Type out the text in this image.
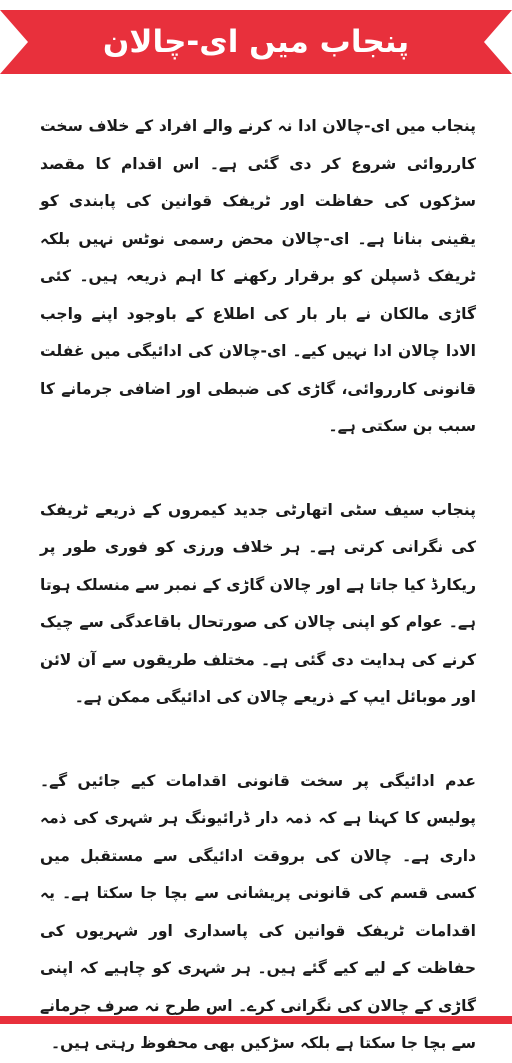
پنجاب میں ای-چالان

پنجاب میں ای-چالان ادا نہ کرنے والے افراد کے خلاف سخت کارروائی شروع کر دی گئی ہے۔ اس اقدام کا مقصد سڑکوں کی حفاظت اور ٹریفک قوانین کی پابندی کو یقینی بنانا ہے۔ ای-چالان محض رسمی نوٹس نہیں بلکہ ٹریفک ڈسپلن کو برقرار رکھنے کا اہم ذریعہ ہیں۔ کئی گاڑی مالکان نے بار بار کی اطلاع کے باوجود اپنے واجب الادا چالان ادا نہیں کیے۔ ای-چالان کی ادائیگی میں غفلت قانونی کارروائی، گاڑی کی ضبطی اور اضافی جرمانے کا سبب بن سکتی ہے۔

پنجاب سیف سٹی اتھارٹی جدید کیمروں کے ذریعے ٹریفک کی نگرانی کرتی ہے۔ ہر خلاف ورزی کو فوری طور پر ریکارڈ کیا جاتا ہے اور چالان گاڑی کے نمبر سے منسلک ہوتا ہے۔ عوام کو اپنی چالان کی صورتحال باقاعدگی سے چیک کرنے کی ہدایت دی گئی ہے۔ مختلف طریقوں سے آن لائن اور موبائل ایپ کے ذریعے چالان کی ادائیگی ممکن ہے۔

عدم ادائیگی پر سخت قانونی اقدامات کیے جائیں گے۔ پولیس کا کہنا ہے کہ ذمہ دار ڈرائیونگ ہر شہری کی ذمہ داری ہے۔ چالان کی بروقت ادائیگی سے مستقبل میں کسی قسم کی قانونی پریشانی سے بچا جا سکتا ہے۔ یہ اقدامات ٹریفک قوانین کی پاسداری اور شہریوں کی حفاظت کے لیے کیے گئے ہیں۔ ہر شہری کو چاہیے کہ اپنی گاڑی کے چالان کی نگرانی کرے۔ اس طرح نہ صرف جرمانے سے بچا جا سکتا ہے بلکہ سڑکیں بھی محفوظ رہتی ہیں۔
